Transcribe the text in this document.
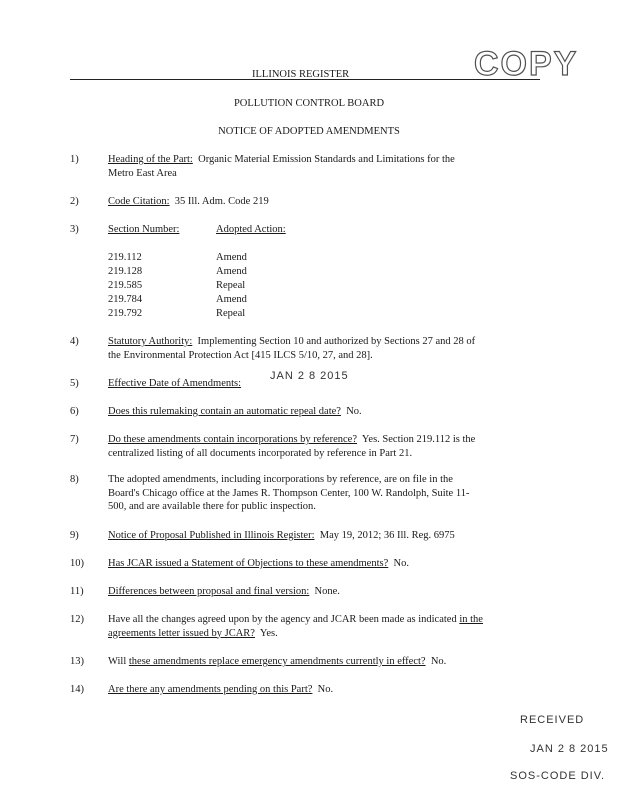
ILLINOIS REGISTER	COPY
POLLUTION CONTROL BOARD
NOTICE OF ADOPTED AMENDMENTS
1)	Heading of the Part: Organic Material Emission Standards and Limitations for the
Metro East Area
2)	Code Citation: 35 Ill. Adm. Code 219
3)	Section Number:	Adopted Action:
219.112	Amend
219.128	Amend
219.585	Repeal
219.784	Amend
219.792	Repeal
4)	Statutory Authority: Implementing Section 10 and authorized by Sections 27 and 28 of
the Environmental Protection Act [415 ILCS 5/10, 27, and 28].
5)	Effective Date of Amendments:
JAN 2 8 2015
6)	Does this rulemaking contain an automatic repeal date? No.
7)	Do these amendments contain incorporations by reference? Yes. Section 219.112 is the
centralized listing of all documents incorporated by reference in Part 21.
8)	The adopted amendments, including incorporations by reference, are on file in the
Board's Chicago office at the James R. Thompson Center, 100 W. Randolph, Suite 11-
500, and are available there for public inspection.
9)	Notice of Proposal Published in Illinois Register: May 19, 2012; 36 Ill. Reg. 6975
10)	Has JCAR issued a Statement of Objections to these amendments? No.
11)	Differences between proposal and final version: None.
12)	Have all the changes agreed upon by the agency and JCAR been made as indicated in the
agreements letter issued by JCAR? Yes.
13)	Will these amendments replace emergency amendments currently in effect? No.
14)	Are there any amendments pending on this Part? No.
RECEIVED
JAN 2 8 2015
SOS-CODE DIV.
